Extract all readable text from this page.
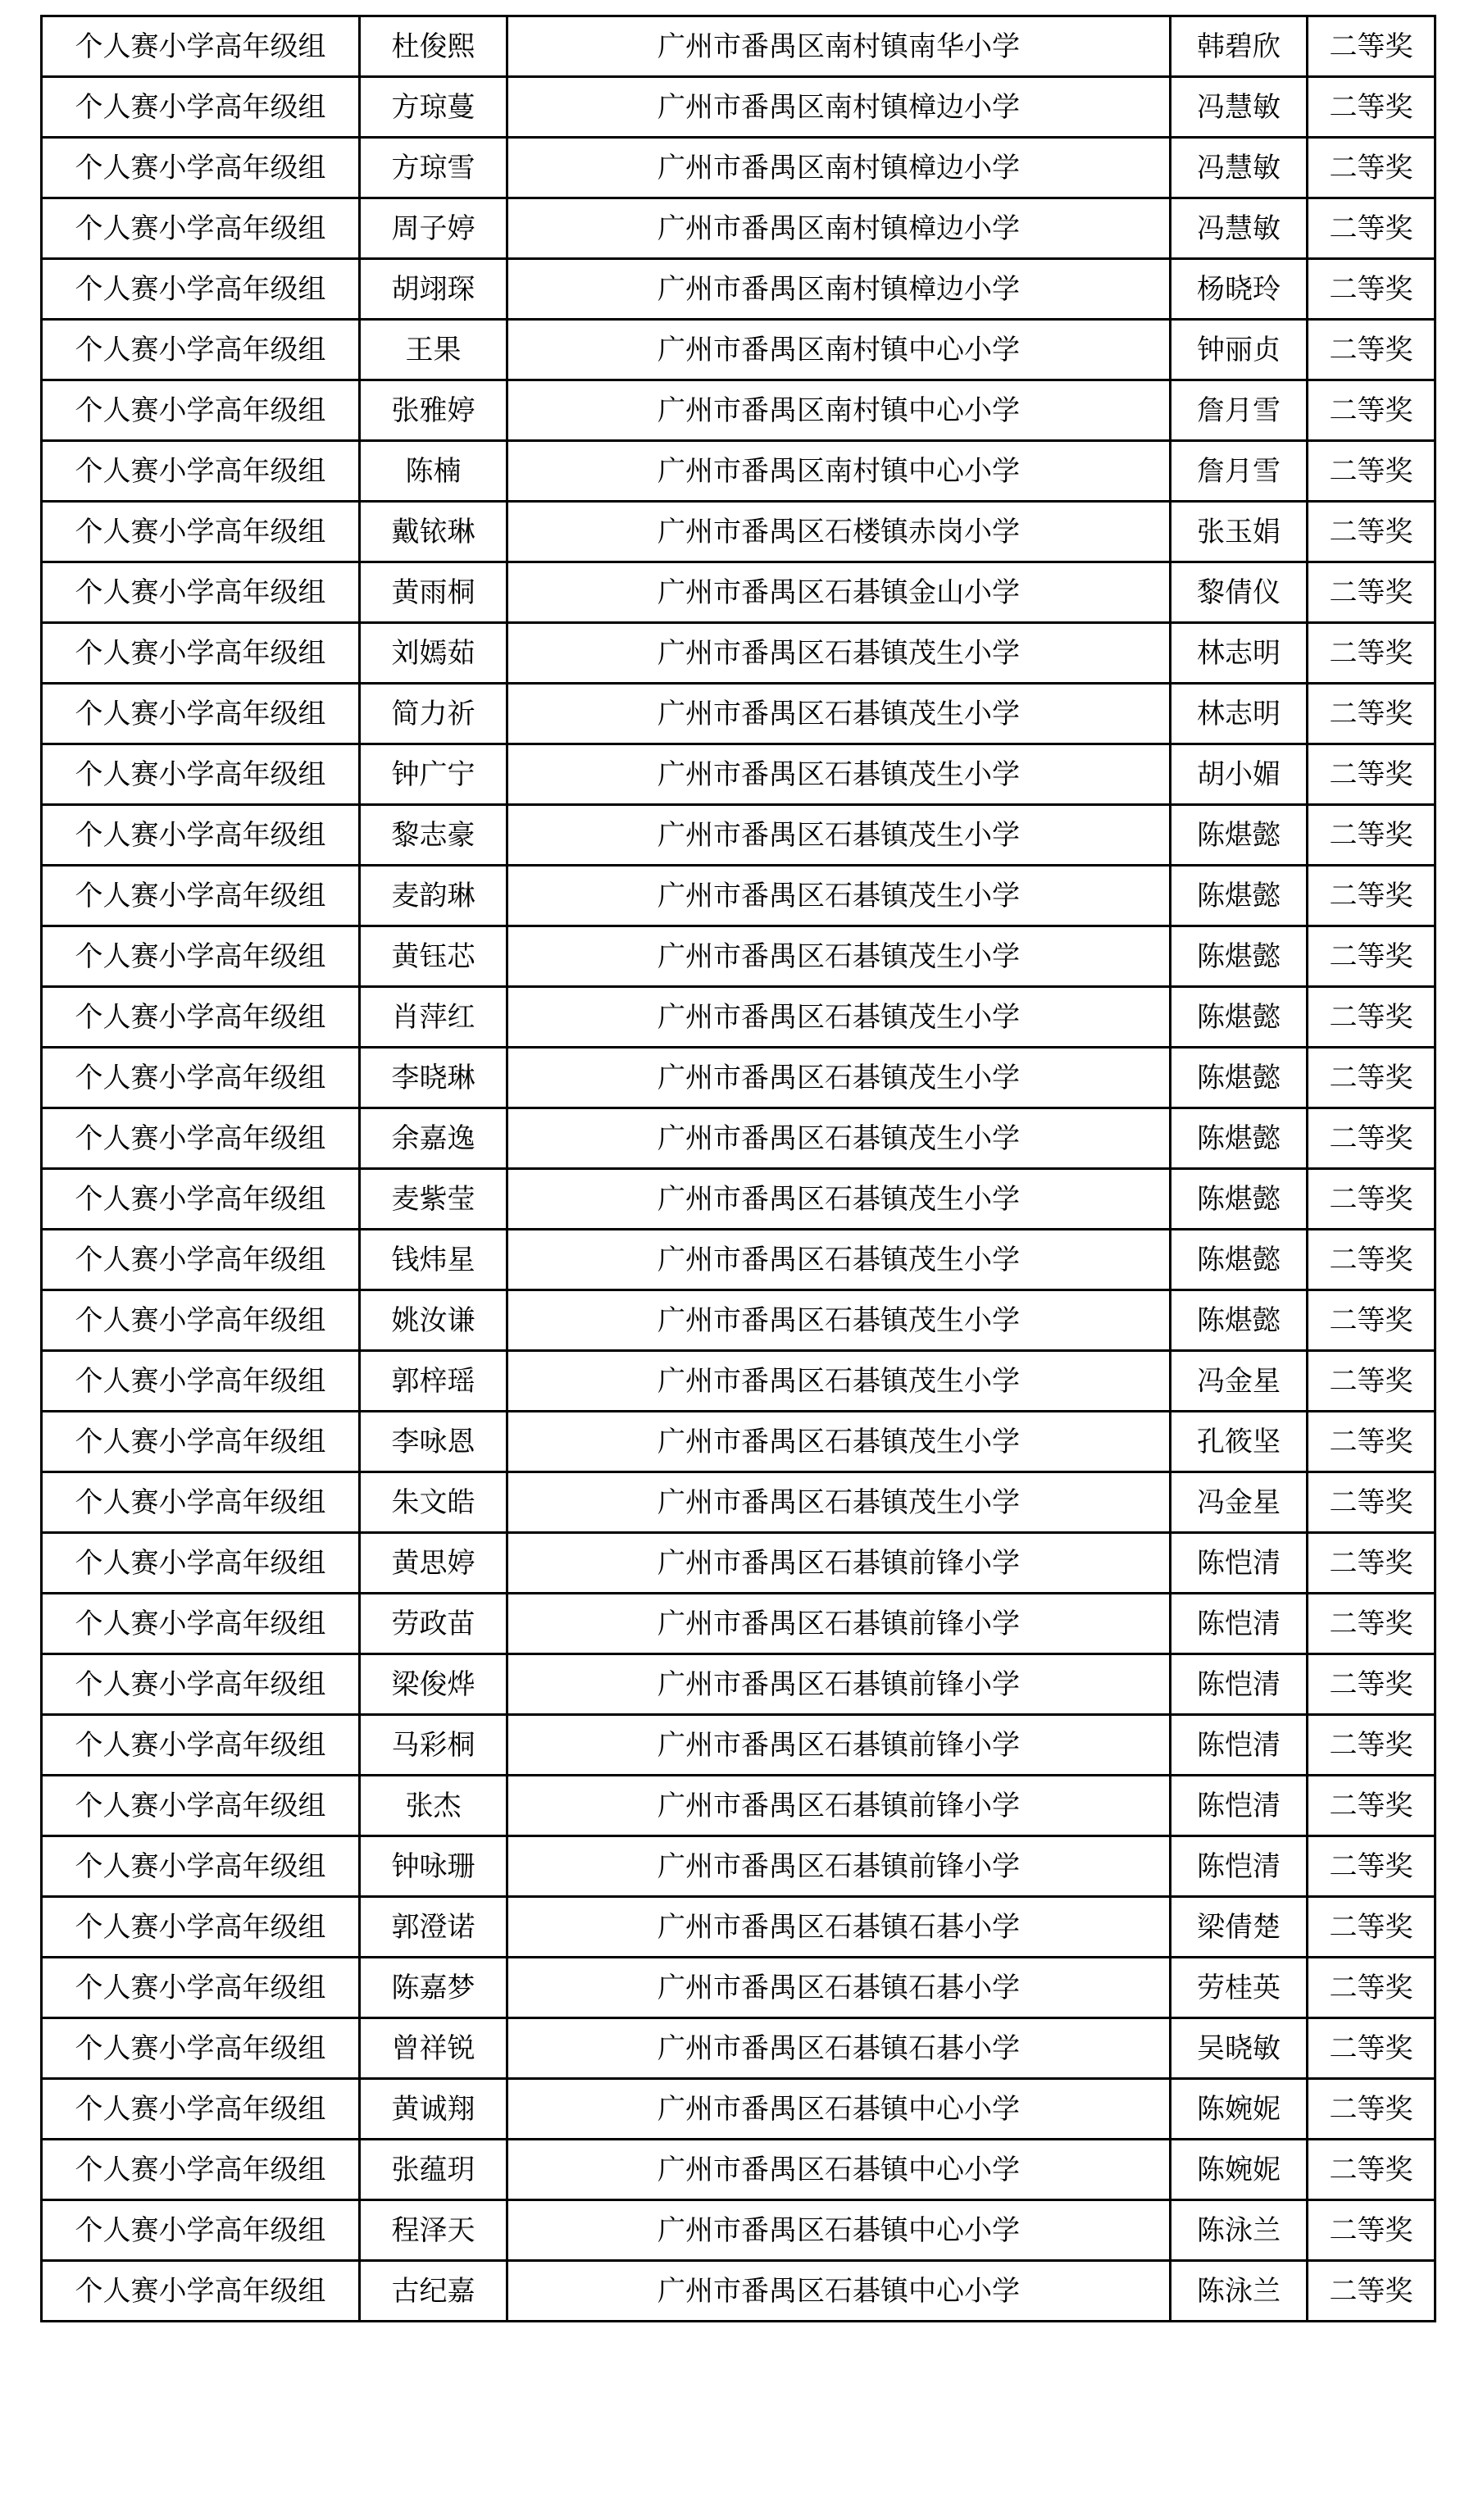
个人赛小学高年级组	杜俊熙	广州市番禺区南村镇南华小学	韩碧欣	二等奖
个人赛小学高年级组	方琼蔓	广州市番禺区南村镇樟边小学	冯慧敏	二等奖
个人赛小学高年级组	方琼雪	广州市番禺区南村镇樟边小学	冯慧敏	二等奖
个人赛小学高年级组	周子婷	广州市番禺区南村镇樟边小学	冯慧敏	二等奖
个人赛小学高年级组	胡翊琛	广州市番禺区南村镇樟边小学	杨晓玲	二等奖
个人赛小学高年级组	王果	广州市番禺区南村镇中心小学	钟丽贞	二等奖
个人赛小学高年级组	张雅婷	广州市番禺区南村镇中心小学	詹月雪	二等奖
个人赛小学高年级组	陈楠	广州市番禺区南村镇中心小学	詹月雪	二等奖
个人赛小学高年级组	戴铱琳	广州市番禺区石楼镇赤岗小学	张玉娟	二等奖
个人赛小学高年级组	黄雨桐	广州市番禺区石碁镇金山小学	黎倩仪	二等奖
个人赛小学高年级组	刘嫣茹	广州市番禺区石碁镇茂生小学	林志明	二等奖
个人赛小学高年级组	简力祈	广州市番禺区石碁镇茂生小学	林志明	二等奖
个人赛小学高年级组	钟广宁	广州市番禺区石碁镇茂生小学	胡小媚	二等奖
个人赛小学高年级组	黎志豪	广州市番禺区石碁镇茂生小学	陈煁懿	二等奖
个人赛小学高年级组	麦韵琳	广州市番禺区石碁镇茂生小学	陈煁懿	二等奖
个人赛小学高年级组	黄钰芯	广州市番禺区石碁镇茂生小学	陈煁懿	二等奖
个人赛小学高年级组	肖萍红	广州市番禺区石碁镇茂生小学	陈煁懿	二等奖
个人赛小学高年级组	李晓琳	广州市番禺区石碁镇茂生小学	陈煁懿	二等奖
个人赛小学高年级组	余嘉逸	广州市番禺区石碁镇茂生小学	陈煁懿	二等奖
个人赛小学高年级组	麦紫莹	广州市番禺区石碁镇茂生小学	陈煁懿	二等奖
个人赛小学高年级组	钱炜星	广州市番禺区石碁镇茂生小学	陈煁懿	二等奖
个人赛小学高年级组	姚汝谦	广州市番禺区石碁镇茂生小学	陈煁懿	二等奖
个人赛小学高年级组	郭梓瑶	广州市番禺区石碁镇茂生小学	冯金星	二等奖
个人赛小学高年级组	李咏恩	广州市番禺区石碁镇茂生小学	孔筱坚	二等奖
个人赛小学高年级组	朱文皓	广州市番禺区石碁镇茂生小学	冯金星	二等奖
个人赛小学高年级组	黄思婷	广州市番禺区石碁镇前锋小学	陈恺清	二等奖
个人赛小学高年级组	劳政苗	广州市番禺区石碁镇前锋小学	陈恺清	二等奖
个人赛小学高年级组	梁俊烨	广州市番禺区石碁镇前锋小学	陈恺清	二等奖
个人赛小学高年级组	马彩桐	广州市番禺区石碁镇前锋小学	陈恺清	二等奖
个人赛小学高年级组	张杰	广州市番禺区石碁镇前锋小学	陈恺清	二等奖
个人赛小学高年级组	钟咏珊	广州市番禺区石碁镇前锋小学	陈恺清	二等奖
个人赛小学高年级组	郭澄诺	广州市番禺区石碁镇石碁小学	梁倩楚	二等奖
个人赛小学高年级组	陈嘉梦	广州市番禺区石碁镇石碁小学	劳桂英	二等奖
个人赛小学高年级组	曾祥锐	广州市番禺区石碁镇石碁小学	吴晓敏	二等奖
个人赛小学高年级组	黄诚翔	广州市番禺区石碁镇中心小学	陈婉妮	二等奖
个人赛小学高年级组	张蕴玥	广州市番禺区石碁镇中心小学	陈婉妮	二等奖
个人赛小学高年级组	程泽天	广州市番禺区石碁镇中心小学	陈泳兰	二等奖
个人赛小学高年级组	古纪嘉	广州市番禺区石碁镇中心小学	陈泳兰	二等奖
